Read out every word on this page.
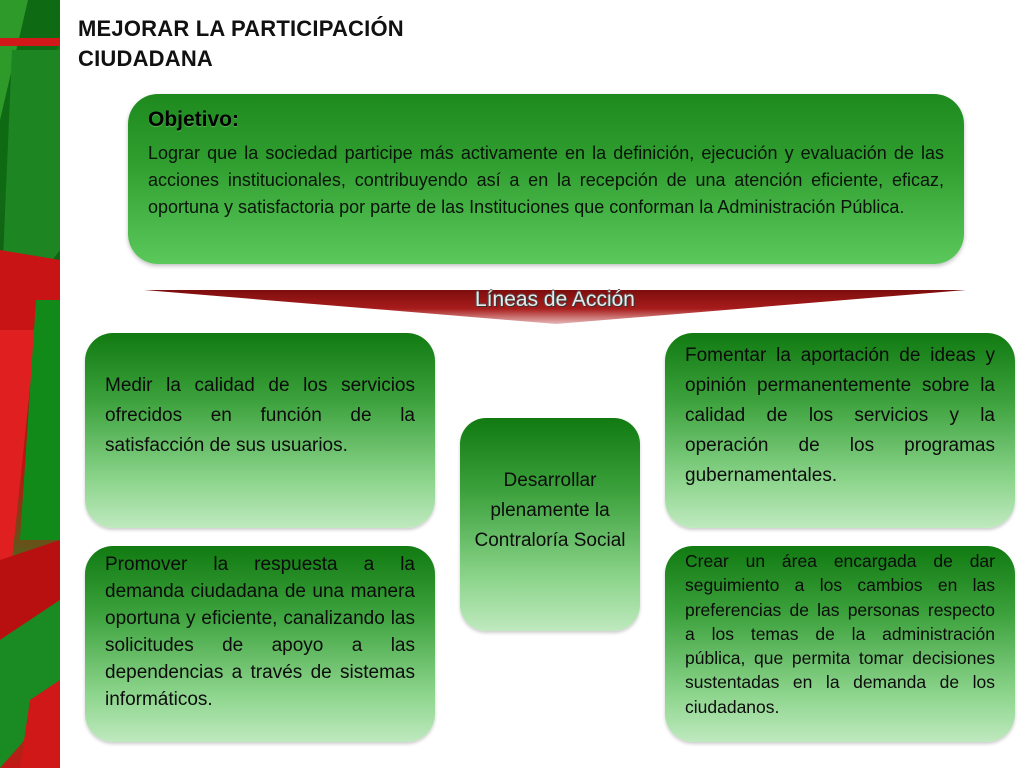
MEJORAR LA PARTICIPACIÓN CIUDADANA
Objetivo:

Lograr que la sociedad participe más activamente en la definición, ejecución y evaluación de las acciones institucionales, contribuyendo así a en la recepción de una atención eficiente, eficaz, oportuna y satisfactoria por parte de las Instituciones que conforman la Administración Pública.

Líneas de Acción

Medir la calidad de los servicios ofrecidos en función de la satisfacción de sus usuarios.

Promover la respuesta a la demanda ciudadana de una manera oportuna y eficiente, canalizando las solicitudes de apoyo a las dependencias a través de sistemas informáticos.

Desarrollar plenamente la Contraloría Social

Fomentar la aportación de ideas y opinión permanentemente sobre la calidad de los servicios y la operación de los programas gubernamentales.

Crear un área encargada de dar seguimiento a los cambios en las preferencias de las personas respecto a los temas de la administración pública, que permita tomar decisiones sustentadas en la demanda de los ciudadanos.
